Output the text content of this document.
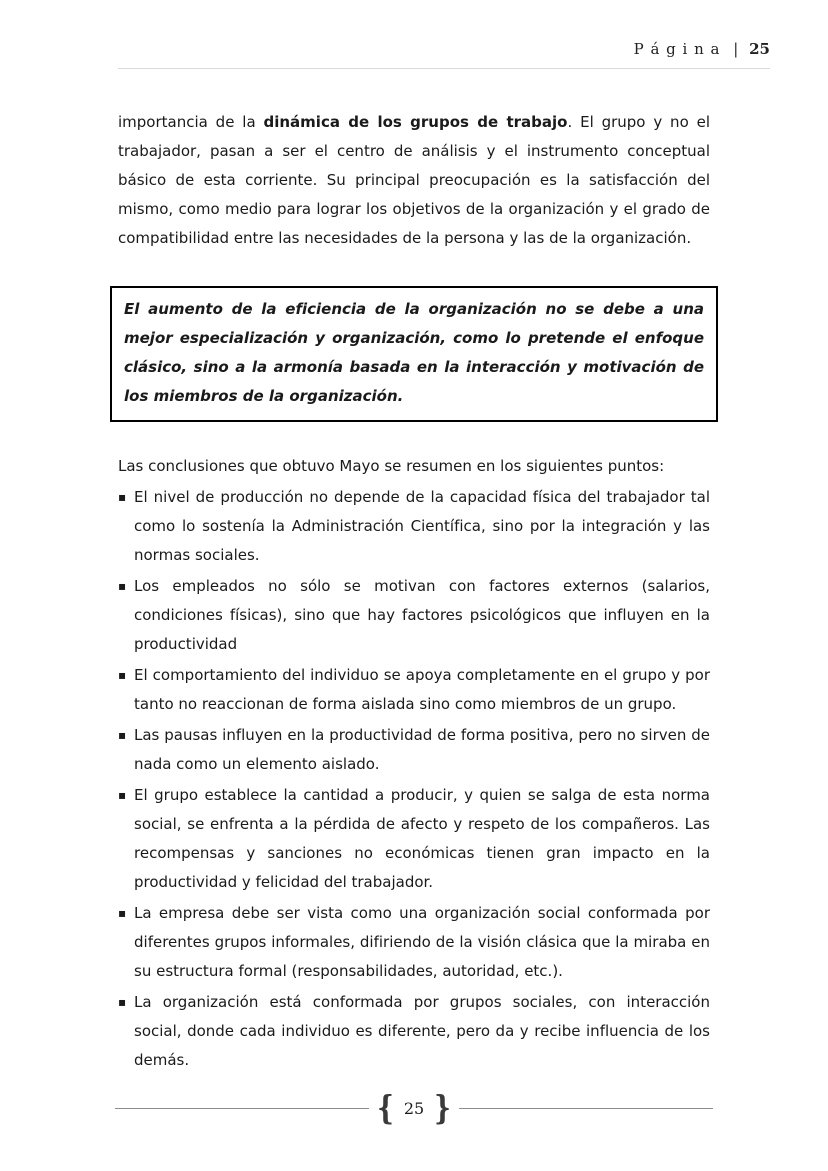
P á g i n a | 25

importancia de la dinámica de los grupos de trabajo. El grupo y no el trabajador, pasan a ser el centro de análisis y el instrumento conceptual básico de esta corriente. Su principal preocupación es la satisfacción del mismo, como medio para lograr los objetivos de la organización y el grado de compatibilidad entre las necesidades de la persona y las de la organización.

El aumento de la eficiencia de la organización no se debe a una mejor especialización y organización, como lo pretende el enfoque clásico, sino a la armonía basada en la interacción y motivación de los miembros de la organización.

Las conclusiones que obtuvo Mayo se resumen en los siguientes puntos:

▪ El nivel de producción no depende de la capacidad física del trabajador tal como lo sostenía la Administración Científica, sino por la integración y las normas sociales.
▪ Los empleados no sólo se motivan con factores externos (salarios, condiciones físicas), sino que hay factores psicológicos que influyen en la productividad
▪ El comportamiento del individuo se apoya completamente en el grupo y por tanto no reaccionan de forma aislada sino como miembros de un grupo.
▪ Las pausas influyen en la productividad de forma positiva, pero no sirven de nada como un elemento aislado.
▪ El grupo establece la cantidad a producir, y quien se salga de esta norma social, se enfrenta a la pérdida de afecto y respeto de los compañeros. Las recompensas y sanciones no económicas tienen gran impacto en la productividad y felicidad del trabajador.
▪ La empresa debe ser vista como una organización social conformada por diferentes grupos informales, difiriendo de la visión clásica que la miraba en su estructura formal (responsabilidades, autoridad, etc.).
▪ La organización está conformada por grupos sociales, con interacción social, donde cada individuo es diferente, pero da y recibe influencia de los demás.
{ 25 }
